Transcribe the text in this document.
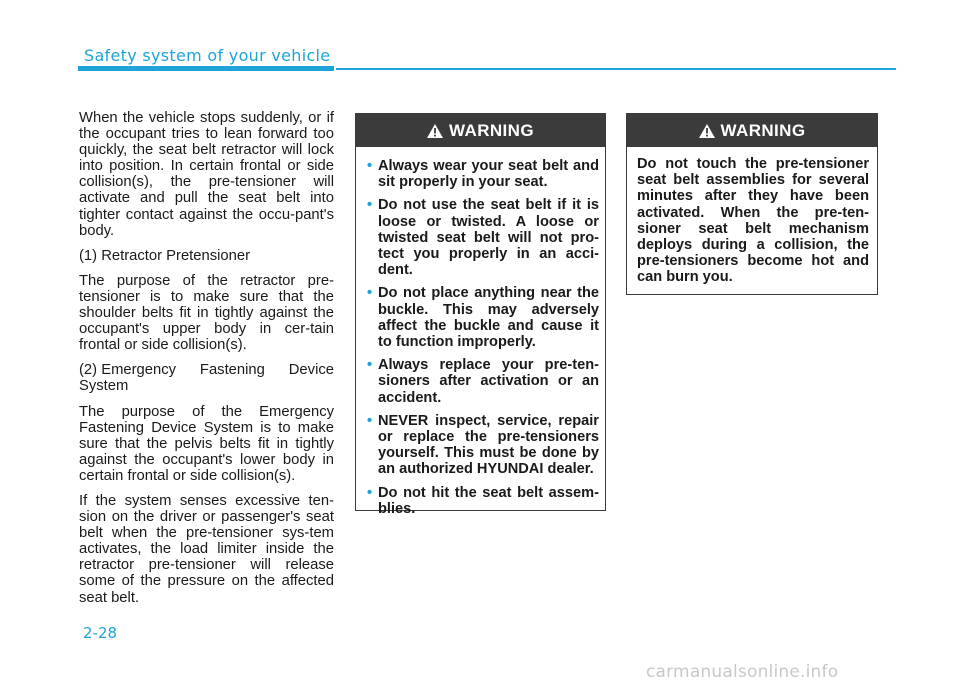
Safety system of your vehicle

When the vehicle stops suddenly, or if the occupant tries to lean forward too quickly, the seat belt retractor will lock into position. In certain frontal or side collision(s), the pre-tensioner will activate and pull the seat belt into tighter contact against the occu-pant's body.

(1) Retractor Pretensioner

The purpose of the retractor pre-tensioner is to make sure that the shoulder belts fit in tightly against the occupant's upper body in cer-tain frontal or side collision(s).

(2) Emergency Fastening Device

System

The purpose of the Emergency Fastening Device System is to make sure that the pelvis belts fit in tightly against the occupant's lower body in certain frontal or side collision(s).

If the system senses excessive ten-sion on the driver or passenger's seat belt when the pre-tensioner sys-tem activates, the load limiter inside the retractor pre-tensioner will release some of the pressure on the affected seat belt.

WARNING
• Always wear your seat belt and sit properly in your seat.
• Do not use the seat belt if it is loose or twisted. A loose or twisted seat belt will not pro-tect you properly in an acci-dent.
• Do not place anything near the buckle. This may adversely affect the buckle and cause it to function improperly.
• Always replace your pre-ten-sioners after activation or an accident.
• NEVER inspect, service, repair or replace the pre-tensioners yourself. This must be done by an authorized HYUNDAI dealer.
• Do not hit the seat belt assem-blies.
WARNING

Do not touch the pre-tensioner seat belt assemblies for several minutes after they have been activated. When the pre-ten-sioner seat belt mechanism deploys during a collision, the pre-tensioners become hot and can burn you.

2-28
carmanualsonline.info
